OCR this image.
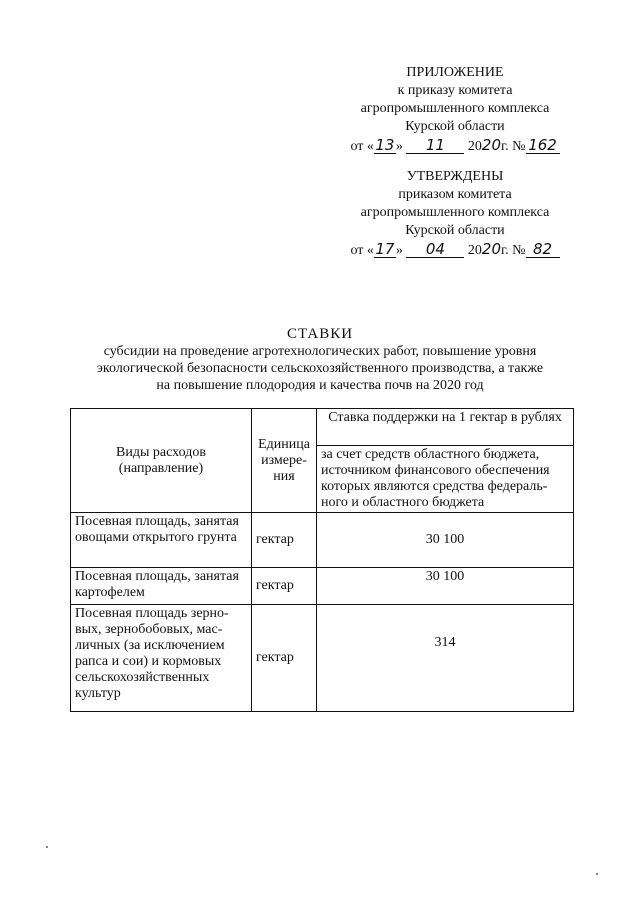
ПРИЛОЖЕНИЕ
к приказу комитета
агропромышленного комплекса
Курской области
от «13» 11 2020г. № 162
УТВЕРЖДЕНЫ
приказом комитета
агропромышленного комплекса
Курской области
от «17» 04 2020г. № 82
СТАВКИ
субсидии на проведение агротехнологических работ, повышение уровня
экологической безопасности сельскохозяйственного производства, а также
на повышение плодородия и качества почв на 2020 год
Виды расходов (направление)	Единица измере-ния	Ставка поддержки на 1 гектар в рублях
		за счет средств областного бюджета, источником финансового обеспечения которых являются средства федераль-ного и областного бюджета
Посевная площадь, занятая овощами открытого грунта	гектар	30 100
Посевная площадь, занятая картофелем	гектар	30 100
Посевная площадь зерно-вых, зернобобовых, мас-личных (за исключением рапса и сои) и кормовых сельскохозяйственных культур	гектар	314
